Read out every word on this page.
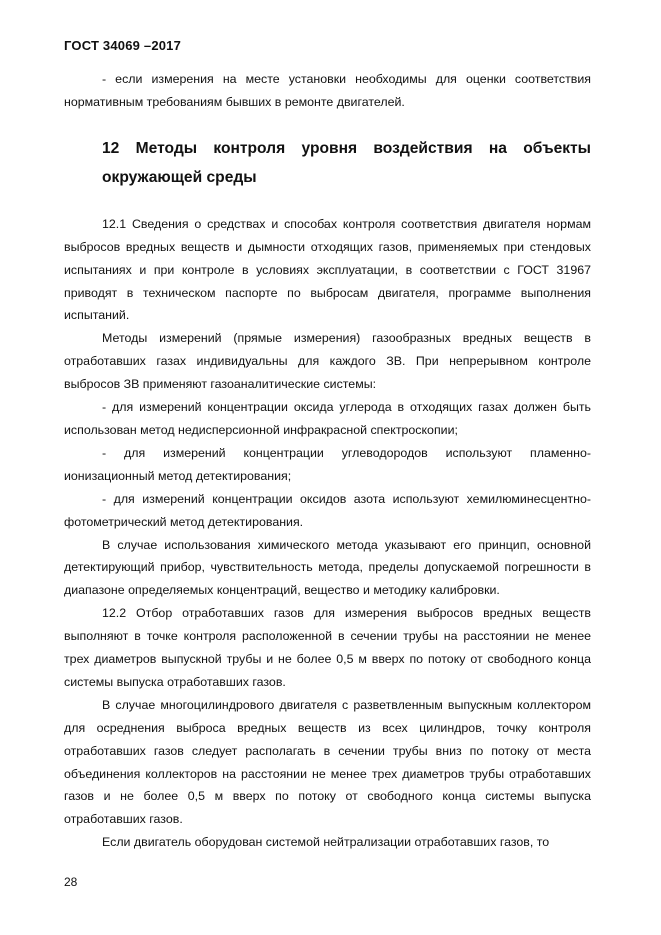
ГОСТ 34069 –2017

- если измерения на месте установки необходимы для оценки соответствия нормативным требованиям бывших в ремонте двигателей.

12 Методы контроля уровня воздействия на объекты окружающей среды

12.1 Сведения о средствах и способах контроля соответствия двигателя нормам выбросов вредных веществ и дымности отходящих газов, применяемых при стендовых испытаниях и при контроле в условиях эксплуатации, в соответствии с ГОСТ 31967 приводят в техническом паспорте по выбросам двигателя, программе выполнения испытаний.

Методы измерений (прямые измерения) газообразных вредных веществ в отработавших газах индивидуальны для каждого ЗВ. При непрерывном контроле выбросов ЗВ применяют газоаналитические системы:

- для измерений концентрации оксида углерода в отходящих газах должен быть использован метод недисперсионной инфракрасной спектроскопии;

- для измерений концентрации углеводородов используют пламенно-ионизационный метод детектирования;

- для измерений концентрации оксидов азота используют хемилюминесцентно-фотометрический метод детектирования.

В случае использования химического метода указывают его принцип, основной детектирующий прибор, чувствительность метода, пределы допускаемой погрешности в диапазоне определяемых концентраций, вещество и методику калибровки.

12.2 Отбор отработавших газов для измерения выбросов вредных веществ выполняют в точке контроля расположенной в сечении трубы на расстоянии не менее трех диаметров выпускной трубы и не более 0,5 м вверх по потоку от свободного конца системы выпуска отработавших газов.

В случае многоцилиндрового двигателя с разветвленным выпускным коллектором для осреднения выброса вредных веществ из всех цилиндров, точку контроля отработавших газов следует располагать в сечении трубы вниз по потоку от места объединения коллекторов на расстоянии не менее трех диаметров трубы отработавших газов и не более 0,5 м вверх по потоку от свободного конца системы выпуска отработавших газов.

Если двигатель оборудован системой нейтрализации отработавших газов, то

28
